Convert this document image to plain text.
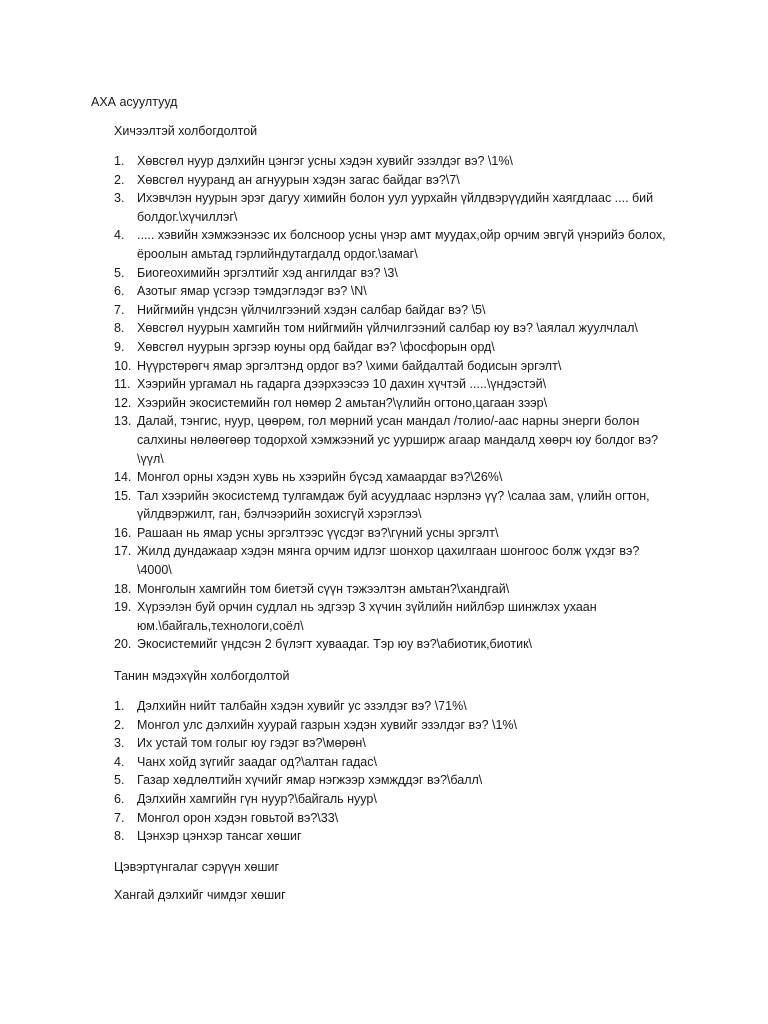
АХА асуултууд
Хичээлтэй холбогдолтой
1. Хөвсгөл нуур дэлхийн цэнгэг усны хэдэн хувийг эзэлдэг вэ? \1%\
2. Хөвсгөл нууранд ан агнуурын хэдэн загас байдаг вэ?\7\
3. Ихэвчлэн нуурын эрэг дагуу химийн болон уул уурхайн үйлдвэрүүдийн хаягдлаас .... бий болдог.\хүчиллэг\
4. ..... хэвийн хэмжээнээс их болсноор усны үнэр амт муудах,ойр орчим эвгүй үнэрийэ болох, ёроолын амьтад гэрлийндутагдалд ордог.\замаг\
5. Биогеохимийн эргэлтийг хэд ангилдаг вэ? \3\
6. Азотыг ямар үсгээр тэмдэглэдэг вэ? \N\
7. Нийгмийн үндсэн үйлчилгээний хэдэн салбар байдаг вэ? \5\
8. Хөвсгөл нуурын хамгийн том нийгмийн үйлчилгээний салбар юу вэ? \аялал жуулчлал\
9. Хөвсгөл нуурын эргээр юуны орд байдаг вэ? \фосфорын орд\
10. Нүүрстөрөгч ямар эргэлтэнд ордог вэ? \хими байдалтай бодисын эргэлт\
11. Хээрийн ургамал нь гадарга дээрхээсээ 10 дахин хүчтэй .....\үндэстэй\
12. Хээрийн экосистемийн гол нөмөр 2 амьтан?\үлийн огтоно,цагаан зээр\
13. Далай, тэнгис, нуур, цөөрөм, гол мөрний усан мандал /толио/-аас нарны энерги болон салхины нөлөөгөөр тодорхой хэмжээний ус уурширж агаар мандалд хөөрч юу болдог вэ?\үүл\
14. Монгол орны хэдэн хувь нь хээрийн бүсэд хамаардаг вэ?\26%\
15. Тал хээрийн экосистемд тулгамдаж буй асуудлаас нэрлэнэ үү? \салаа зам, үлийн огтон, үйлдвэржилт, ган, бэлчээрийн зохисгүй хэрэглээ\
16. Рашаан нь ямар усны эргэлтээс үүсдэг вэ?\гүний усны эргэлт\
17. Жилд дундажаар хэдэн мянга орчим идлэг шонхор цахилгаан шонгоос болж үхдэг вэ?\4000\
18. Монголын хамгийн том биетэй сүүн тэжээлтэн амьтан?\хандгай\
19. Хүрээлэн буй орчин судлал нь эдгээр 3 хүчин зүйлийн нийлбэр шинжлэх ухаан юм.\байгаль,технологи,соёл\
20. Экосистемийг үндсэн 2 бүлэгт хуваадаг. Тэр юу вэ?\абиотик,биотик\
Танин мэдэхүйн холбогдолтой
1. Дэлхийн нийт талбайн хэдэн хувийг ус эзэлдэг вэ? \71%\
2. Монгол улс дэлхийн хуурай газрын хэдэн хувийг эзэлдэг вэ? \1%\
3. Их устай том голыг юу гэдэг вэ?\мөрөн\
4. Чанх хойд зүгийг заадаг од?\алтан гадас\
5. Газар хөдлөлтийн хүчийг ямар нэгжээр хэмжддэг вэ?\балл\
6. Дэлхийн хамгийн гүн нуур?\байгаль нуур\
7. Монгол орон хэдэн говьтой вэ?\33\
8. Цэнхэр цэнхэр тансаг хөшиг
Цэвэртүнгалаг сэрүүн хөшиг
Хангай дэлхийг чимдэг хөшиг
